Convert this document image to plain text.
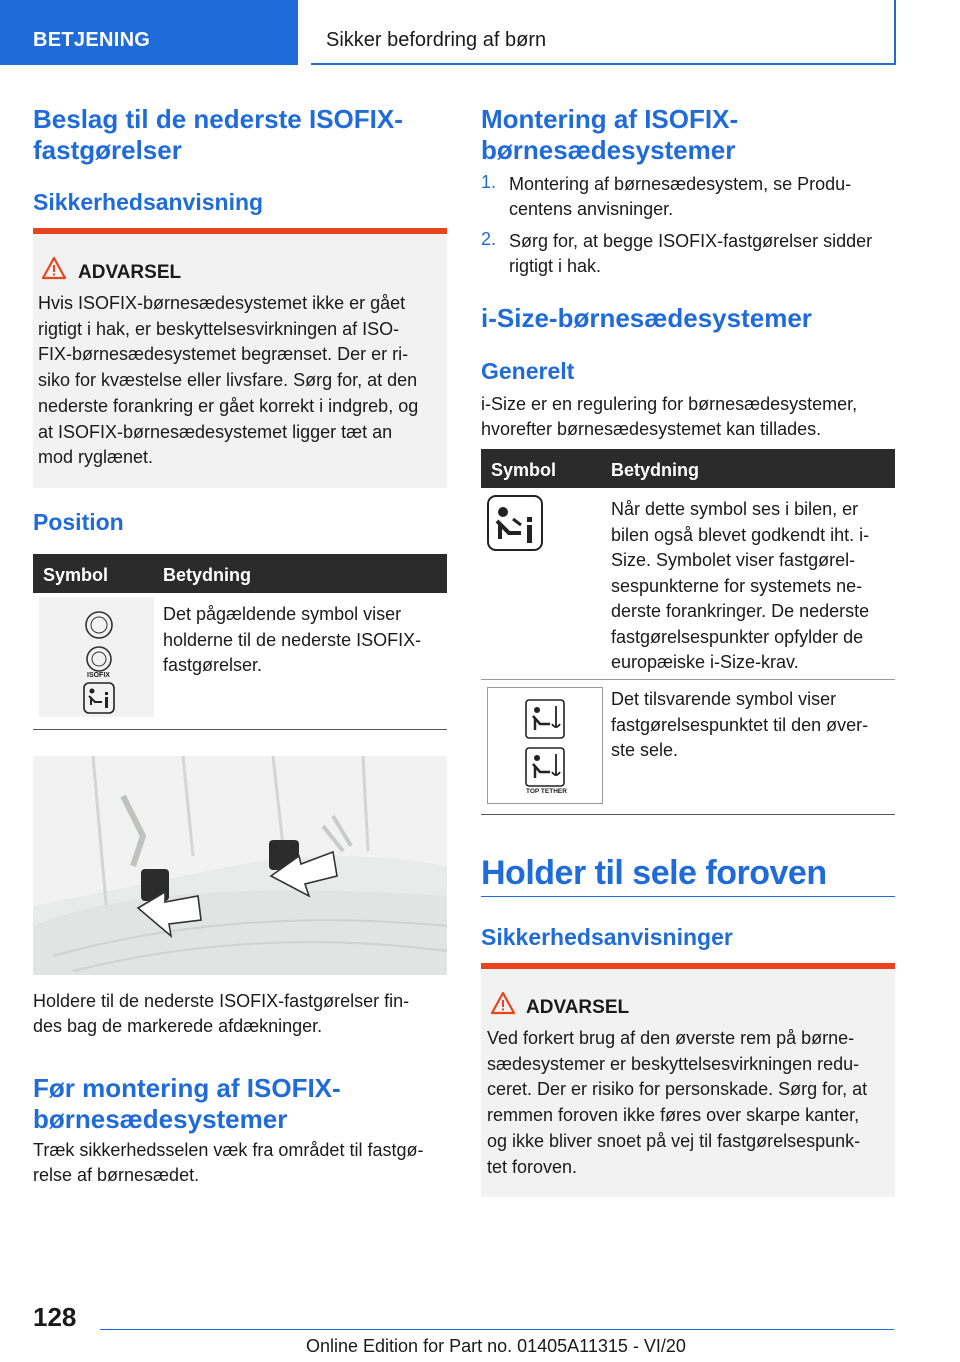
BETJENING	Sikker befordring af børn
Beslag til de nederste ISOFIX-
fastgørelser
Sikkerhedsanvisning
ADVARSEL
Hvis ISOFIX-børnesædesystemet ikke er gået
rigtigt i hak, er beskyttelsesvirkningen af ISO-
FIX-børnesædesystemet begrænset. Der er ri-
siko for kvæstelse eller livsfare. Sørg for, at den
nederste forankring er gået korrekt i indgreb, og
at ISOFIX-børnesædesystemet ligger tæt an
mod ryglænet.
Position
Symbol	Betydning
ISOFIX
Det pågældende symbol viser
holderne til de nederste ISOFIX-
fastgørelser.
Holdere til de nederste ISOFIX-fastgørelser fin-
des bag de markerede afdækninger.
Før montering af ISOFIX-
børnesædesystemer
Træk sikkerhedsselen væk fra området til fastgø-
relse af børnesædet.
Montering af ISOFIX-
børnesædesystemer
1. Montering af børnesædesystem, se Produ-
centens anvisninger.
2. Sørg for, at begge ISOFIX-fastgørelser sidder
rigtigt i hak.
i-Size-børnesædesystemer
Generelt
i-Size er en regulering for børnesædesystemer,
hvorefter børnesædesystemet kan tillades.
Symbol	Betydning
Når dette symbol ses i bilen, er
bilen også blevet godkendt iht. i-
Size. Symbolet viser fastgørel-
sespunkterne for systemets ne-
derste forankringer. De nederste
fastgørelsespunkter opfylder de
europæiske i-Size-krav.
TOP TETHER
Det tilsvarende symbol viser
fastgørelsespunktet til den øver-
ste sele.
Holder til sele foroven
Sikkerhedsanvisninger
ADVARSEL
Ved forkert brug af den øverste rem på børne-
sædesystemer er beskyttelsesvirkningen redu-
ceret. Der er risiko for personskade. Sørg for, at
remmen foroven ikke føres over skarpe kanter,
og ikke bliver snoet på vej til fastgørelsespunk-
tet foroven.
128
Online Edition for Part no. 01405A11315 - VI/20
